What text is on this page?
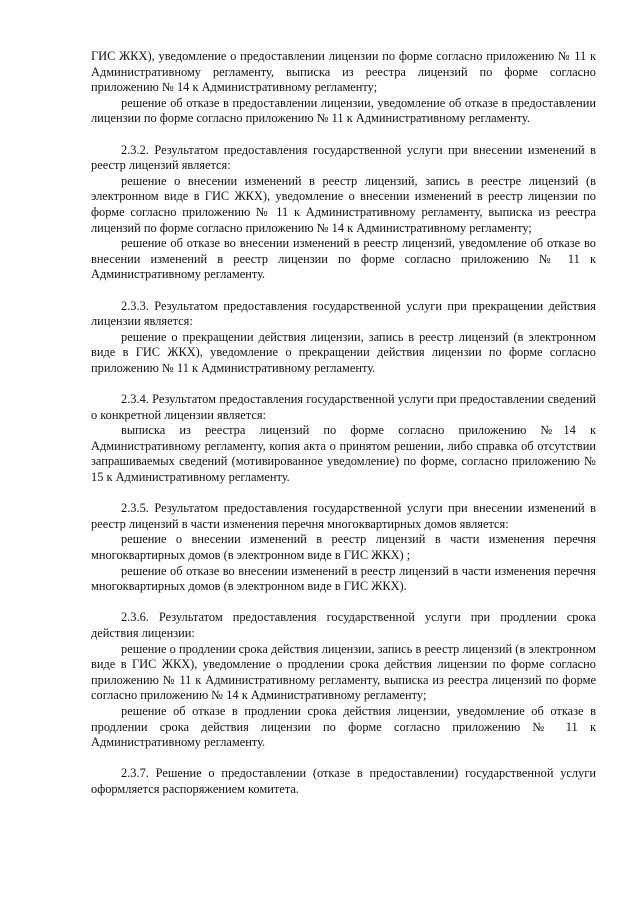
ГИС ЖКХ), уведомление о предоставлении лицензии по форме согласно приложению № 11 к Административному регламенту, выписка из реестра лицензий по форме согласно приложению № 14 к Административному регламенту;

решение об отказе в предоставлении лицензии, уведомление об отказе в предоставлении лицензии по форме согласно приложению № 11 к Административному регламенту.

2.3.2. Результатом предоставления государственной услуги при внесении изменений в реестр лицензий является:

решение о внесении изменений в реестр лицензий, запись в реестре лицензий (в электронном виде в ГИС ЖКХ), уведомление о внесении изменений в реестр лицензии по форме согласно приложению № 11 к Административному регламенту, выписка из реестра лицензий по форме согласно приложению № 14 к Административному регламенту;

решение об отказе во внесении изменений в реестр лицензий, уведомление об отказе во внесении изменений в реестр лицензии по форме согласно приложению № 11 к Административному регламенту.

2.3.3. Результатом предоставления государственной услуги при прекращении действия лицензии является:

решение о прекращении действия лицензии, запись в реестр лицензий (в электронном виде в ГИС ЖКХ), уведомление о прекращении действия лицензии по форме согласно приложению № 11 к Административному регламенту.

2.3.4. Результатом предоставления государственной услуги при предоставлении сведений о конкретной лицензии является:

выписка из реестра лицензий по форме согласно приложению №14 к Административному регламенту, копия акта о принятом решении, либо справка об отсутствии запрашиваемых сведений (мотивированное уведомление) по форме, согласно приложению № 15 к Административному регламенту.

2.3.5. Результатом предоставления государственной услуги при внесении изменений в реестр лицензий в части изменения перечня многоквартирных домов является:

решение о внесении изменений в реестр лицензий в части изменения перечня многоквартирных домов (в электронном виде в ГИС ЖКХ) ;

решение об отказе во внесении изменений в реестр лицензий в части изменения перечня многоквартирных домов (в электронном виде в ГИС ЖКХ).

2.3.6. Результатом предоставления государственной услуги при продлении срока действия лицензии:

решение о продлении срока действия лицензии, запись в реестр лицензий (в электронном виде в ГИС ЖКХ), уведомление о продлении срока действия лицензии по форме согласно приложению № 11 к Административному регламенту, выписка из реестра лицензий по форме согласно приложению № 14 к Административному регламенту;

решение об отказе в продлении срока действия лицензии, уведомление об отказе в продлении срока действия лицензии по форме согласно приложению № 11 к Административному регламенту.

2.3.7. Решение о предоставлении (отказе в предоставлении) государственной услуги оформляется распоряжением комитета.
